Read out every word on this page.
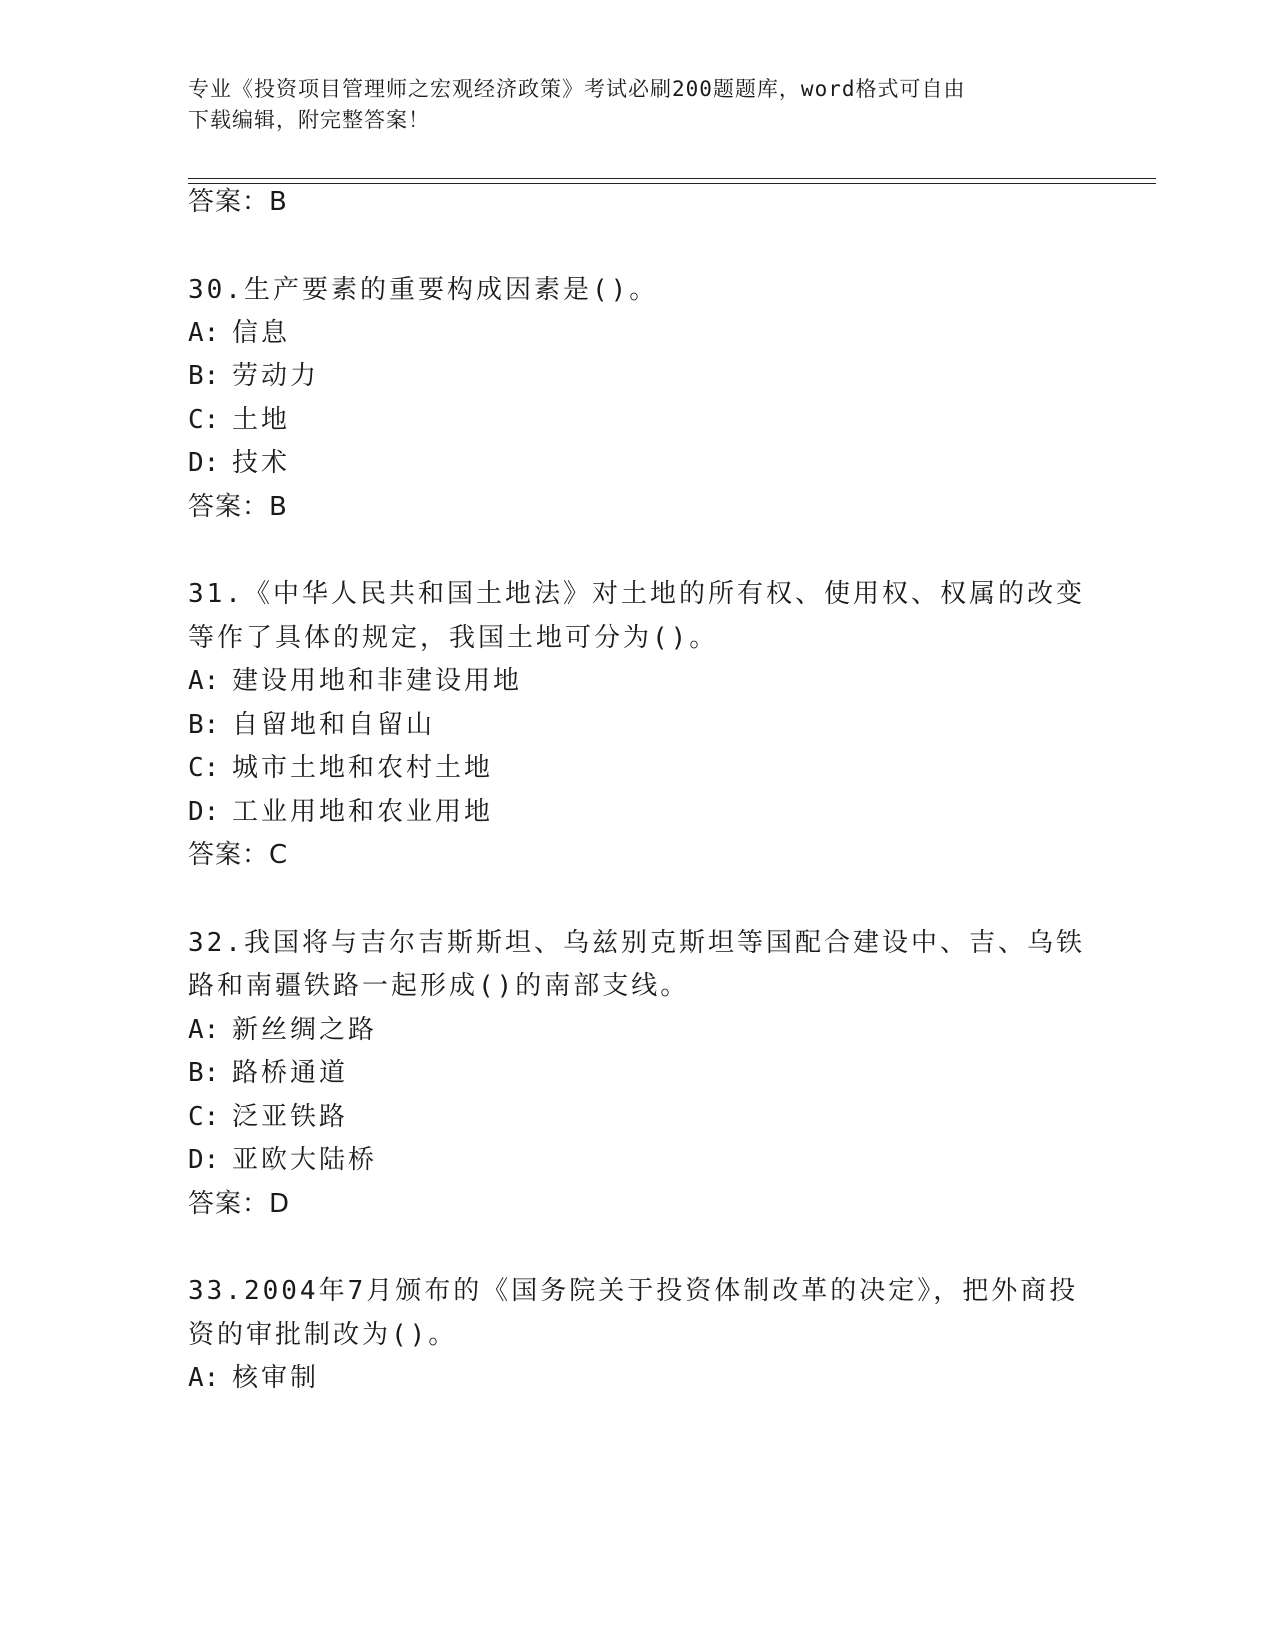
专业《投资项目管理师之宏观经济政策》考试必刷200题题库，word格式可自由
下载编辑，附完整答案！
答案：B
30.生产要素的重要构成因素是()。
A: 信息
B: 劳动力
C: 土地
D: 技术
答案：B
31.《中华人民共和国土地法》对土地的所有权、使用权、权属的改变
等作了具体的规定，我国土地可分为()。
A: 建设用地和非建设用地
B: 自留地和自留山
C: 城市土地和农村土地
D: 工业用地和农业用地
答案：C
32.我国将与吉尔吉斯斯坦、乌兹别克斯坦等国配合建设中、吉、乌铁
路和南疆铁路一起形成()的南部支线。
A: 新丝绸之路
B: 路桥通道
C: 泛亚铁路
D: 亚欧大陆桥
答案：D
33.2004年7月颁布的《国务院关于投资体制改革的决定》，把外商投
资的审批制改为()。
A: 核审制
